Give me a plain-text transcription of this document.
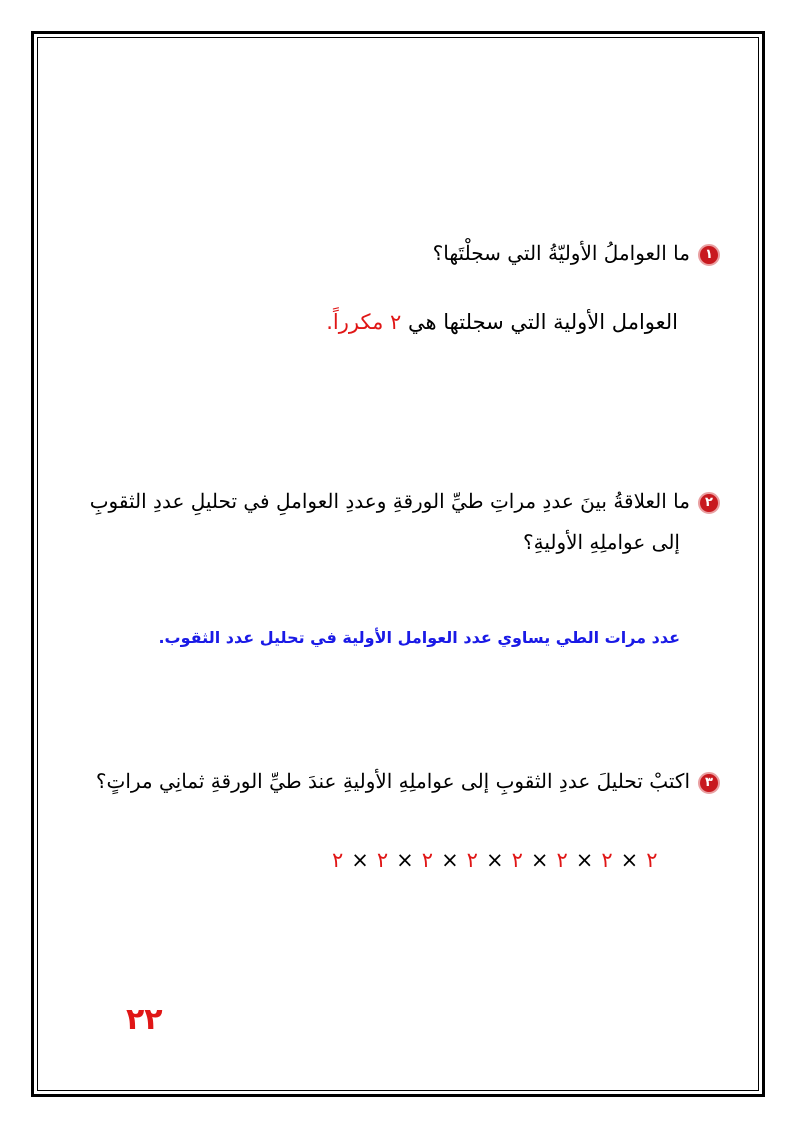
١ما العواملُ الأوليّةُ التي سجلْتَها؟
العوامل الأولية التي سجلتها هي ٢ مكرراً.
٢ما العلاقةُ بينَ عددِ مراتِ طيِّ الورقةِ وعددِ العواملِ في تحليلِ عددِ الثقوبِ
إلى عواملِهِ الأوليةِ؟
عدد مرات الطي يساوي عدد العوامل الأولية في تحليل عدد الثقوب.
٣اكتبْ تحليلَ عددِ الثقوبِ إلى عواملِهِ الأوليةِ عندَ طيِّ الورقةِ ثمانِي مراتٍ؟
٢×٢×٢×٢×٢×٢×٢×٢
٢٢
